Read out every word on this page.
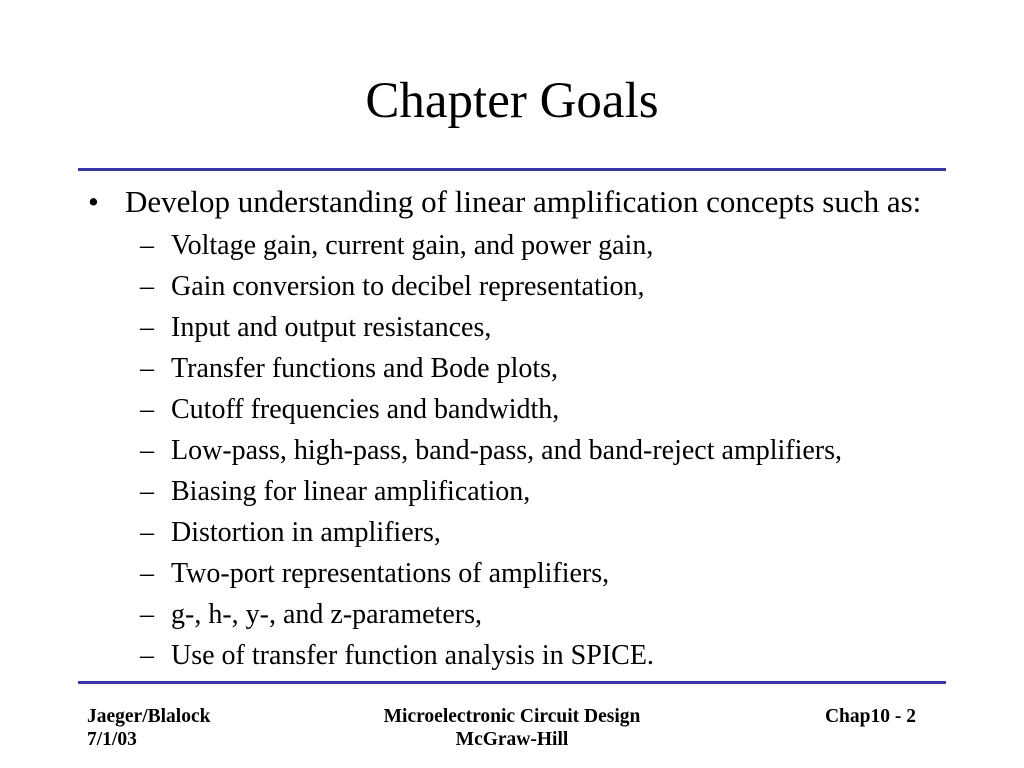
Chapter Goals
• Develop understanding of linear amplification concepts such as:
– Voltage gain, current gain, and power gain,
– Gain conversion to decibel representation,
– Input and output resistances,
– Transfer functions and Bode plots,
– Cutoff frequencies and bandwidth,
– Low-pass, high-pass, band-pass, and band-reject amplifiers,
– Biasing for linear amplification,
– Distortion in amplifiers,
– Two-port representations of amplifiers,
– g-, h-, y-, and z-parameters,
– Use of transfer function analysis in SPICE.
Jaeger/Blalock
7/1/03
Microelectronic Circuit Design
McGraw-Hill
Chap10 - 2
